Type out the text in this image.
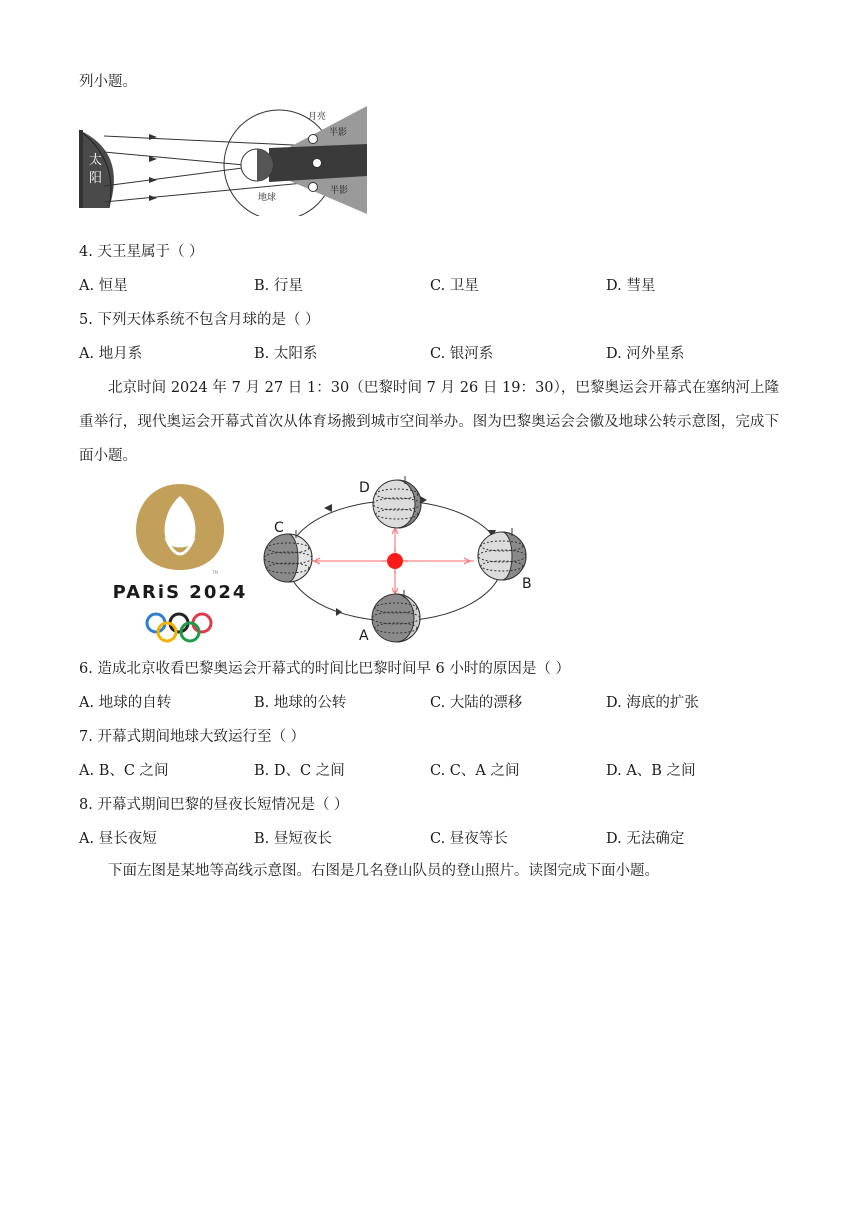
列小题。
太
阳
月亮
半影
半影
地球
4. 天王星属于（ ）
A. 恒星	B. 行星	C. 卫星	D. 彗星
5. 下列天体系统不包含月球的是（ ）
A. 地月系	B. 太阳系	C. 银河系	D. 河外星系
北京时间 2024 年 7 月 27 日 1：30（巴黎时间 7 月 26 日 19：30），巴黎奥运会开幕式在塞纳河上隆重举行，现代奥运会开幕式首次从体育场搬到城市空间举办。图为巴黎奥运会会徽及地球公转示意图，完成下面小题。
TM
PARiS 2024
D
C
B
A
6. 造成北京收看巴黎奥运会开幕式的时间比巴黎时间早 6 小时的原因是（ ）
A. 地球的自转	B. 地球的公转	C. 大陆的漂移	D. 海底的扩张
7. 开幕式期间地球大致运行至（ ）
A. B、C 之间	B. D、C 之间	C. C、A 之间	D. A、B 之间
8. 开幕式期间巴黎的昼夜长短情况是（ ）
A. 昼长夜短	B. 昼短夜长	C. 昼夜等长	D. 无法确定
下面左图是某地等高线示意图。右图是几名登山队员的登山照片。读图完成下面小题。
